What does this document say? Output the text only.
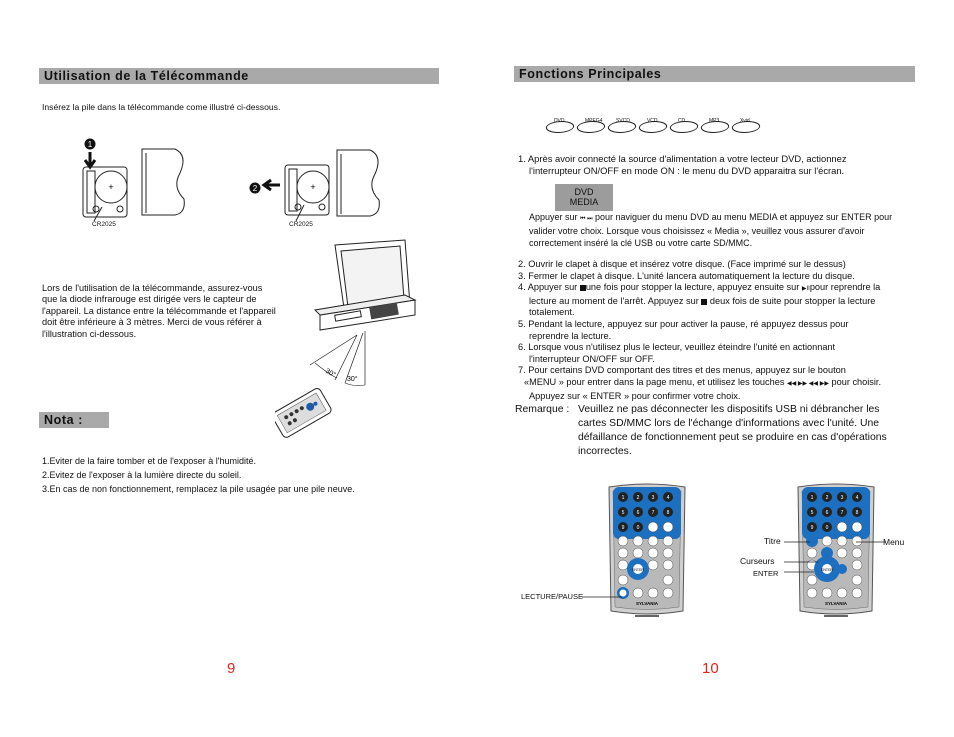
Utilisation de la Télécommande
Insérez la pile dans la télécommande come illustré ci-dessous.
1
+
CR2025
2	+
CR2025
Lors de l'utilisation de la télécommande, assurez-vous que la diode infrarouge est dirigée vers le capteur de l'appareil. La distance entre la télécommande et l'appareil doit être inférieure à 3 mètres. Merci de vous référer à l'illustration ci-dessous.
30°
30°
Nota :
1.Eviter de la faire tomber et de l'exposer à l'humidité.
2.Evitez de l'exposer à la lumière directe du soleil.
3.En cas de non fonctionnement, remplacez la pile usagée par une pile neuve.
9
Fonctions Principales
DVD	MPEG4	SVCD	VCD	CD	MP3	Xvid
1. Après avoir connecté la source d'alimentation a votre lecteur DVD, actionnez
l'interrupteur ON/OFF en mode ON : le menu du DVD apparaitra sur l'écran.
DVD
MEDIA
Appuyer sur ⏮ ⏭ pour naviguer du menu DVD au menu MEDIA et appuyez sur ENTER pour
valider votre choix. Lorsque vous choisissez « Media », veuillez vous assurer d'avoir
correctement inséré la clé USB ou votre carte SD/MMC.
2. Ouvrir le clapet à disque et insérez votre disque. (Face imprimé sur le dessus)
3. Fermer le clapet à disque. L'unité lancera automatiquement la lecture du disque.
4. Appuyer sur une fois pour stopper la lecture, appuyez ensuite sur ▶IIpour reprendre la
lecture au moment de l'arrêt. Appuyez sur deux fois de suite pour stopper la lecture
totalement.
5. Pendant la lecture, appuyez sur pour activer la pause, ré appuyez dessus pour
reprendre la lecture.
6. Lorsque vous n'utilisez plus le lecteur, veuillez éteindre l'unité en actionnant
l'interrupteur ON/OFF sur OFF.
7. Pour certains DVD comportant des titres et des menus, appuyez sur le bouton
«MENU » pour entrer dans la page menu, et utilisez les touches ◀◀ ▶▶ ◀◀ ▶▶ pour choisir.
Appuyez sur « ENTER » pour confirmer votre choix.
Remarque : Veuillez ne pas déconnecter les dispositifs USB ni débrancher les
cartes SD/MMC lors de l'échange d'informations avec l'unité. Une
défaillance de fonctionnement peut se produire en cas d'opérations
incorrectes.
1 2 3 4
5 6 7 8
9 0
ENTER
SYLVANIA
LECTURE/PAUSE
1 2 3 4
5 6 7 8
9 0
ENTER
SYLVANIA
Titre	Menu
Curseurs
ENTER
10
